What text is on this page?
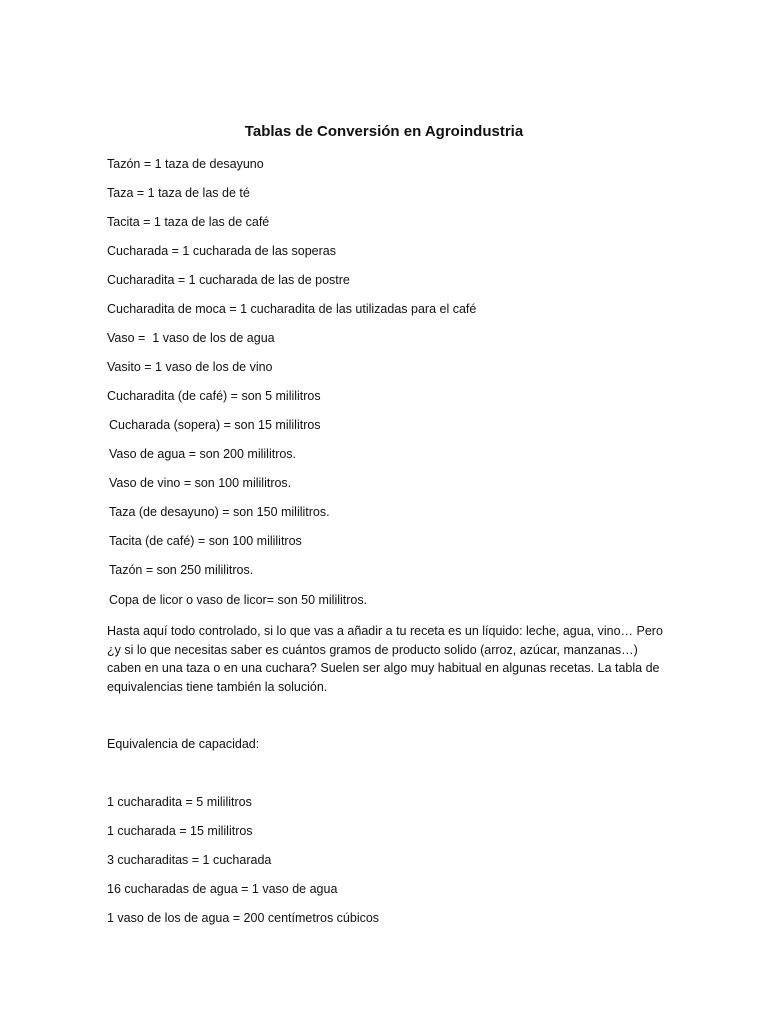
Tablas de Conversión en Agroindustria
Tazón = 1 taza de desayuno
Taza = 1 taza de las de té
Tacita = 1 taza de las de café
Cucharada = 1 cucharada de las soperas
Cucharadita = 1 cucharada de las de postre
Cucharadita de moca = 1 cucharadita de las utilizadas para el café
Vaso =  1 vaso de los de agua
Vasito = 1 vaso de los de vino
Cucharadita (de café) = son 5 mililitros
Cucharada (sopera) = son 15 mililitros
Vaso de agua = son 200 mililitros.
Vaso de vino = son 100 mililitros.
Taza (de desayuno) = son 150 mililitros.
Tacita (de café) = son 100 mililitros
Tazón = son 250 mililitros.
Copa de licor o vaso de licor= son 50 mililitros.
Hasta aquí todo controlado, si lo que vas a añadir a tu receta es un líquido: leche, agua, vino… Pero
¿y si lo que necesitas saber es cuántos gramos de producto solido (arroz, azúcar, manzanas…)
caben en una taza o en una cuchara? Suelen ser algo muy habitual en algunas recetas. La tabla de
equivalencias tiene también la solución.
Equivalencia de capacidad:
1 cucharadita = 5 mililitros
1 cucharada = 15 mililitros
3 cucharaditas = 1 cucharada
16 cucharadas de agua = 1 vaso de agua
1 vaso de los de agua = 200 centímetros cúbicos
